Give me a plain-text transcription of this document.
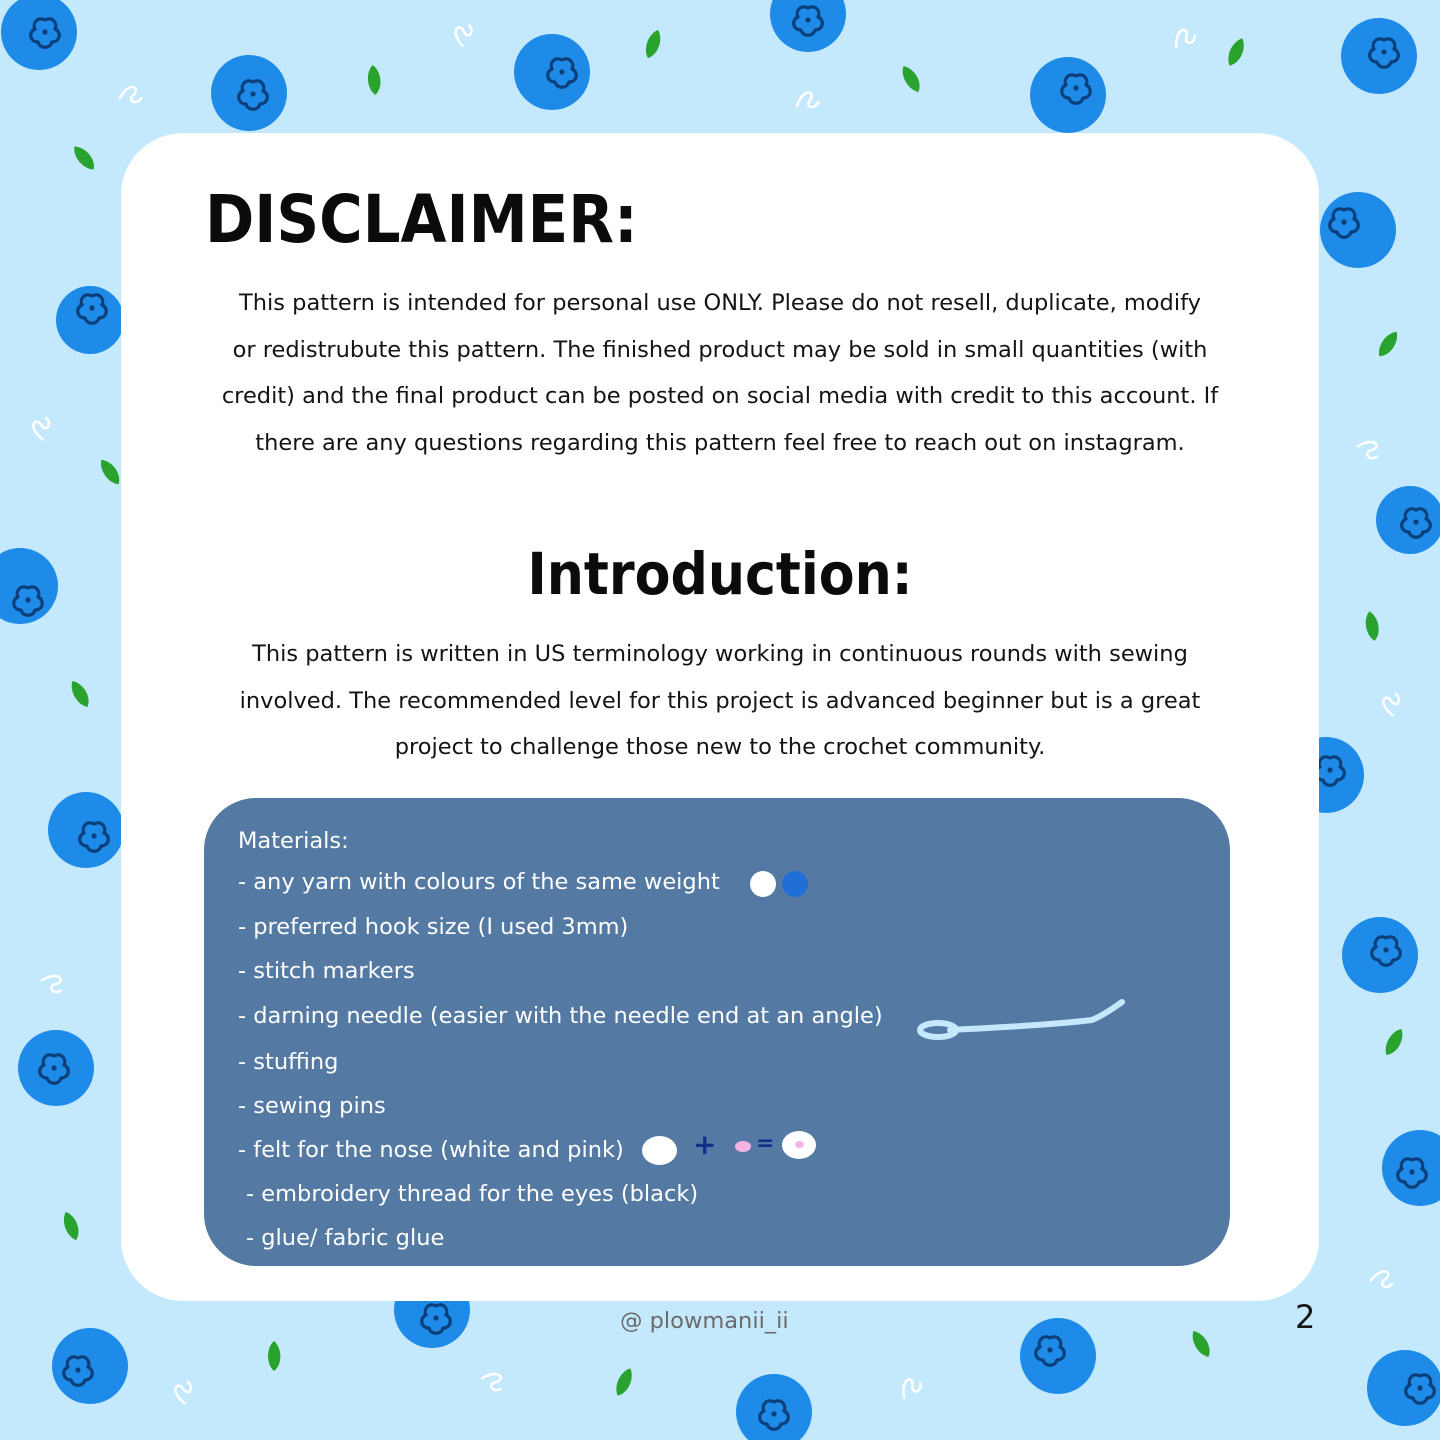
DISCLAIMER:
This pattern is intended for personal use ONLY. Please do not resell, duplicate, modify
or redistrubute this pattern. The finished product may be sold in small quantities (with
credit) and the final product can be posted on social media with credit to this account. If
there are any questions regarding this pattern feel free to reach out on instagram.
Introduction:
This pattern is written in US terminology working in continuous rounds with sewing
involved. The recommended level for this project is advanced beginner but is a great
project to challenge those new to the crochet community.
Materials:
- any yarn with colours of the same weight
- preferred hook size (I used 3mm)
- stitch markers
- darning needle (easier with the needle end at an angle)
- stuffing
- sewing pins
- felt for the nose (white and pink) + =
- embroidery thread for the eyes (black)
- glue/ fabric glue
@ plowmanii_ii	2
